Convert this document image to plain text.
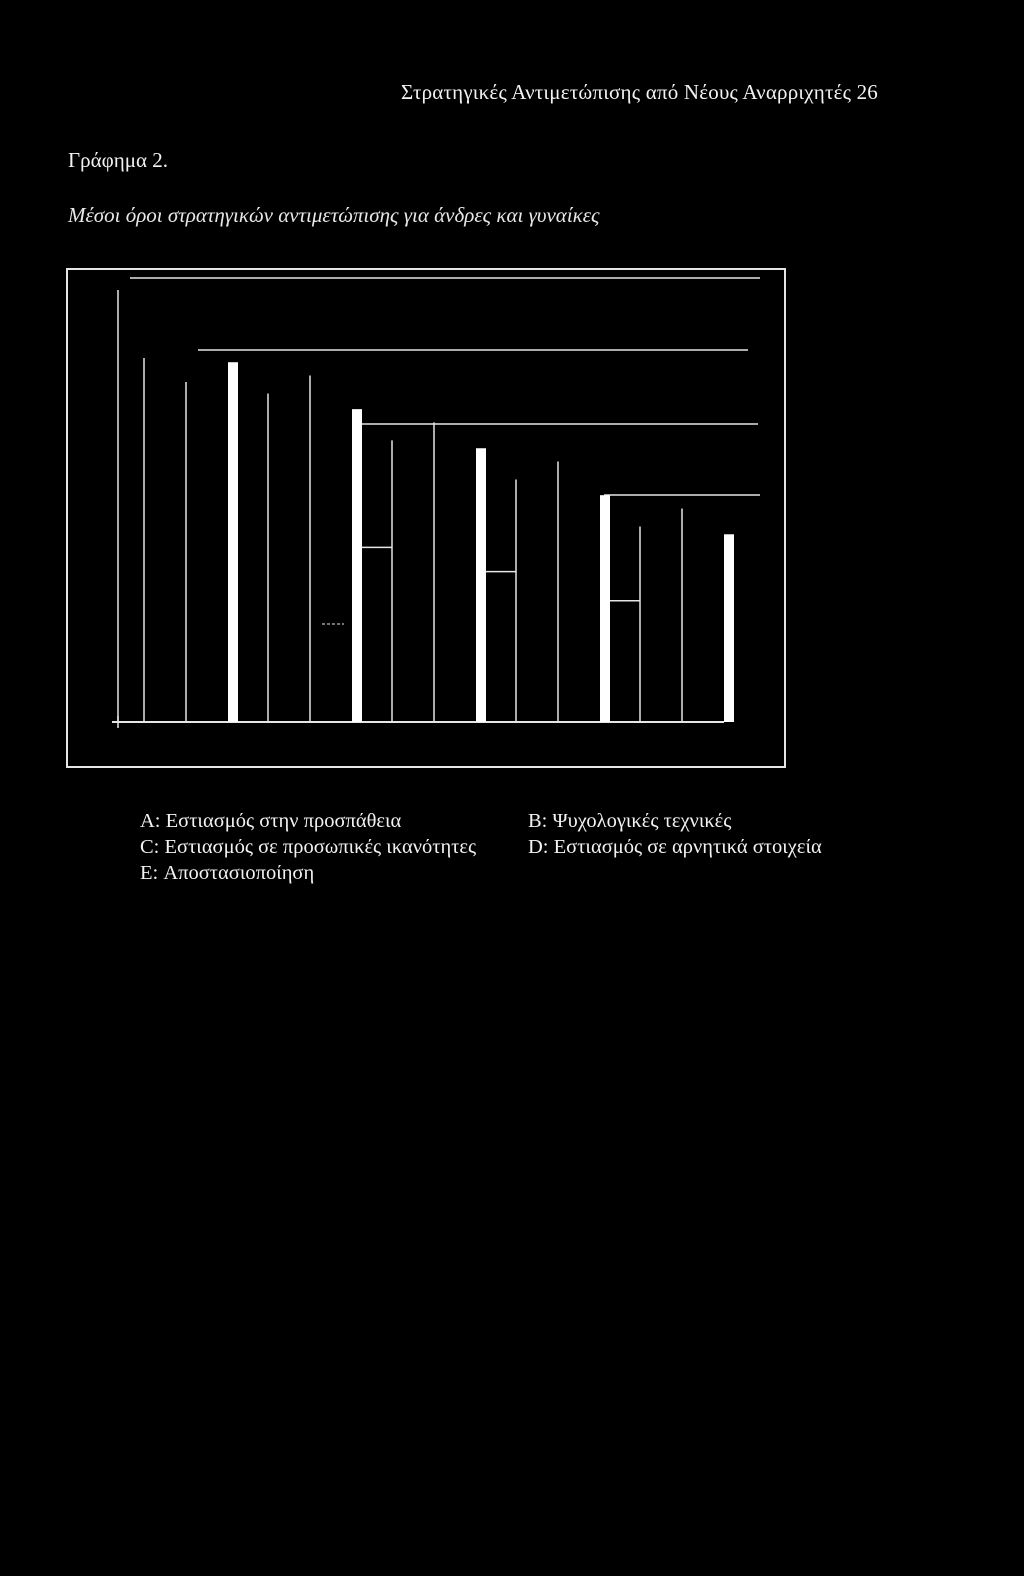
Στρατηγικές Αντιμετώπισης από Νέους Αναρριχητές 26
Γράφημα 2.
Μέσοι όροι στρατηγικών αντιμετώπισης για άνδρες και γυναίκες
A: Εστιασμός στην προσπάθεια	B: Ψυχολογικές τεχνικές
C: Εστιασμός σε προσωπικές ικανότητες	D: Εστιασμός σε αρνητικά στοιχεία
E: Αποστασιοποίηση
